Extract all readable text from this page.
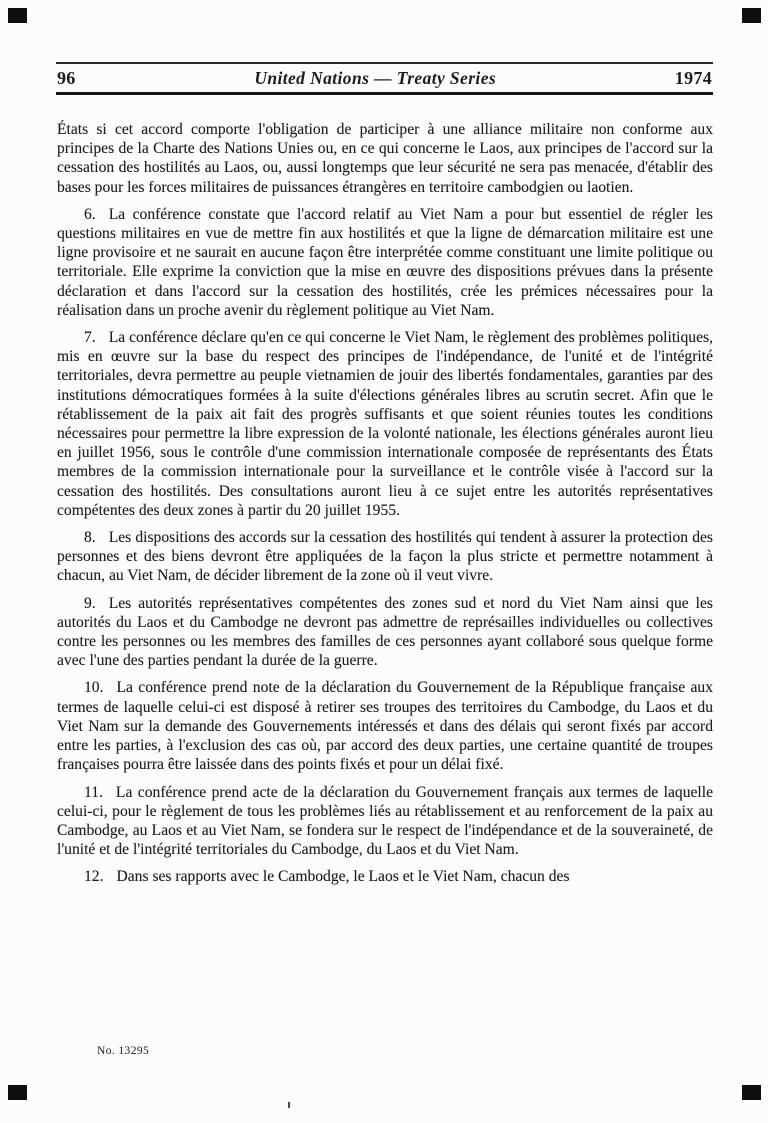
96	United Nations — Treaty Series	1974

États si cet accord comporte l'obligation de participer à une alliance militaire non conforme aux principes de la Charte des Nations Unies ou, en ce qui concerne le Laos, aux principes de l'accord sur la cessation des hostilités au Laos, ou, aussi longtemps que leur sécurité ne sera pas menacée, d'établir des bases pour les forces militaires de puissances étrangères en territoire cambodgien ou laotien.

6. La conférence constate que l'accord relatif au Viet Nam a pour but essentiel de régler les questions militaires en vue de mettre fin aux hostilités et que la ligne de démarcation militaire est une ligne provisoire et ne saurait en aucune façon être interprétée comme constituant une limite politique ou territoriale. Elle exprime la conviction que la mise en œuvre des dispositions prévues dans la présente déclaration et dans l'accord sur la cessation des hostilités, crée les prémices nécessaires pour la réalisation dans un proche avenir du règlement politique au Viet Nam.

7. La conférence déclare qu'en ce qui concerne le Viet Nam, le règlement des problèmes politiques, mis en œuvre sur la base du respect des principes de l'indépendance, de l'unité et de l'intégrité territoriales, devra permettre au peuple vietnamien de jouir des libertés fondamentales, garanties par des institutions démocratiques formées à la suite d'élections générales libres au scrutin secret. Afin que le rétablissement de la paix ait fait des progrès suffisants et que soient réunies toutes les conditions nécessaires pour permettre la libre expression de la volonté nationale, les élections générales auront lieu en juillet 1956, sous le contrôle d'une commission internationale composée de représentants des États membres de la commission internationale pour la surveillance et le contrôle visée à l'accord sur la cessation des hostilités. Des consultations auront lieu à ce sujet entre les autorités représentatives compétentes des deux zones à partir du 20 juillet 1955.

8. Les dispositions des accords sur la cessation des hostilités qui tendent à assurer la protection des personnes et des biens devront être appliquées de la façon la plus stricte et permettre notamment à chacun, au Viet Nam, de décider librement de la zone où il veut vivre.

9. Les autorités représentatives compétentes des zones sud et nord du Viet Nam ainsi que les autorités du Laos et du Cambodge ne devront pas admettre de représailles individuelles ou collectives contre les personnes ou les membres des familles de ces personnes ayant collaboré sous quelque forme avec l'une des parties pendant la durée de la guerre.

10. La conférence prend note de la déclaration du Gouvernement de la République française aux termes de laquelle celui-ci est disposé à retirer ses troupes des territoires du Cambodge, du Laos et du Viet Nam sur la demande des Gouvernements intéressés et dans des délais qui seront fixés par accord entre les parties, à l'exclusion des cas où, par accord des deux parties, une certaine quantité de troupes françaises pourra être laissée dans des points fixés et pour un délai fixé.

11. La conférence prend acte de la déclaration du Gouvernement français aux termes de laquelle celui-ci, pour le règlement de tous les problèmes liés au rétablissement et au renforcement de la paix au Cambodge, au Laos et au Viet Nam, se fondera sur le respect de l'indépendance et de la souveraineté, de l'unité et de l'intégrité territoriales du Cambodge, du Laos et du Viet Nam.

12. Dans ses rapports avec le Cambodge, le Laos et le Viet Nam, chacun des

No. 13295
